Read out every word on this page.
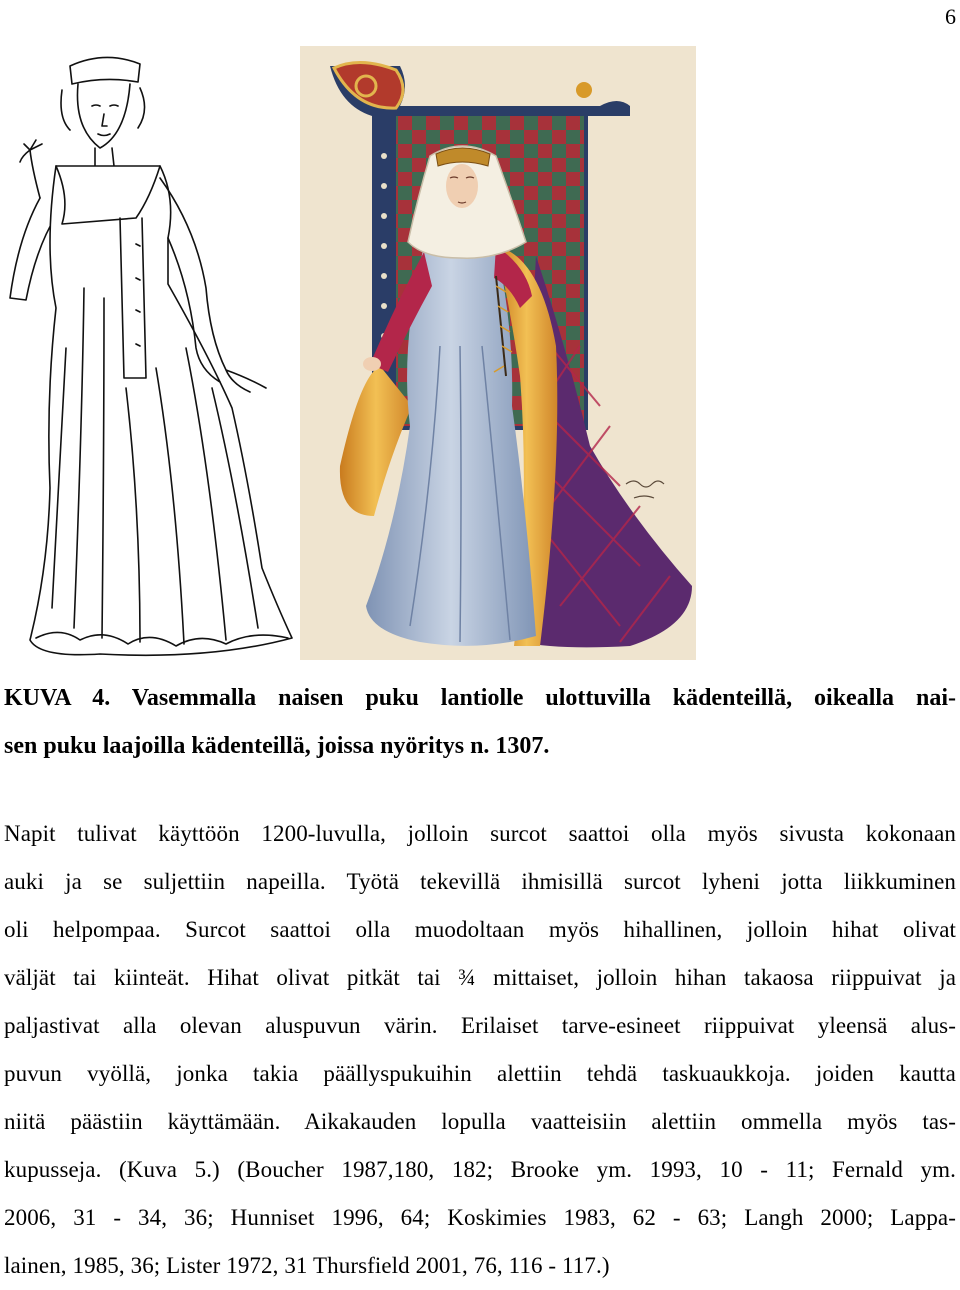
6
KUVA 4. Vasemmalla naisen puku lantiolle ulottuvilla kädenteillä, oikealla nai-
sen puku laajoilla kädenteillä, joissa nyöritys n. 1307.
Napit tulivat käyttöön 1200-luvulla, jolloin surcot saattoi olla myös sivusta kokonaan
auki ja se suljettiin napeilla. Työtä tekevillä ihmisillä surcot lyheni jotta liikkuminen
oli helpompaa. Surcot saattoi olla muodoltaan myös hihallinen, jolloin hihat olivat
väljät tai kiinteät. Hihat olivat pitkät tai ¾ mittaiset, jolloin hihan takaosa riippuivat ja
paljastivat alla olevan aluspuvun värin. Erilaiset tarve-esineet riippuivat yleensä alus-
puvun vyöllä, jonka takia päällyspukuihin alettiin tehdä taskuaukkoja. joiden kautta
niitä päästiin käyttämään. Aikakauden lopulla vaatteisiin alettiin ommella myös tas-
kupusseja. (Kuva 5.) (Boucher 1987,180, 182; Brooke ym. 1993, 10 - 11; Fernald ym.
2006, 31 - 34, 36; Hunniset 1996, 64; Koskimies 1983, 62 - 63; Langh 2000; Lappa-
lainen, 1985, 36; Lister 1972, 31 Thursfield 2001, 76, 116 - 117.)
